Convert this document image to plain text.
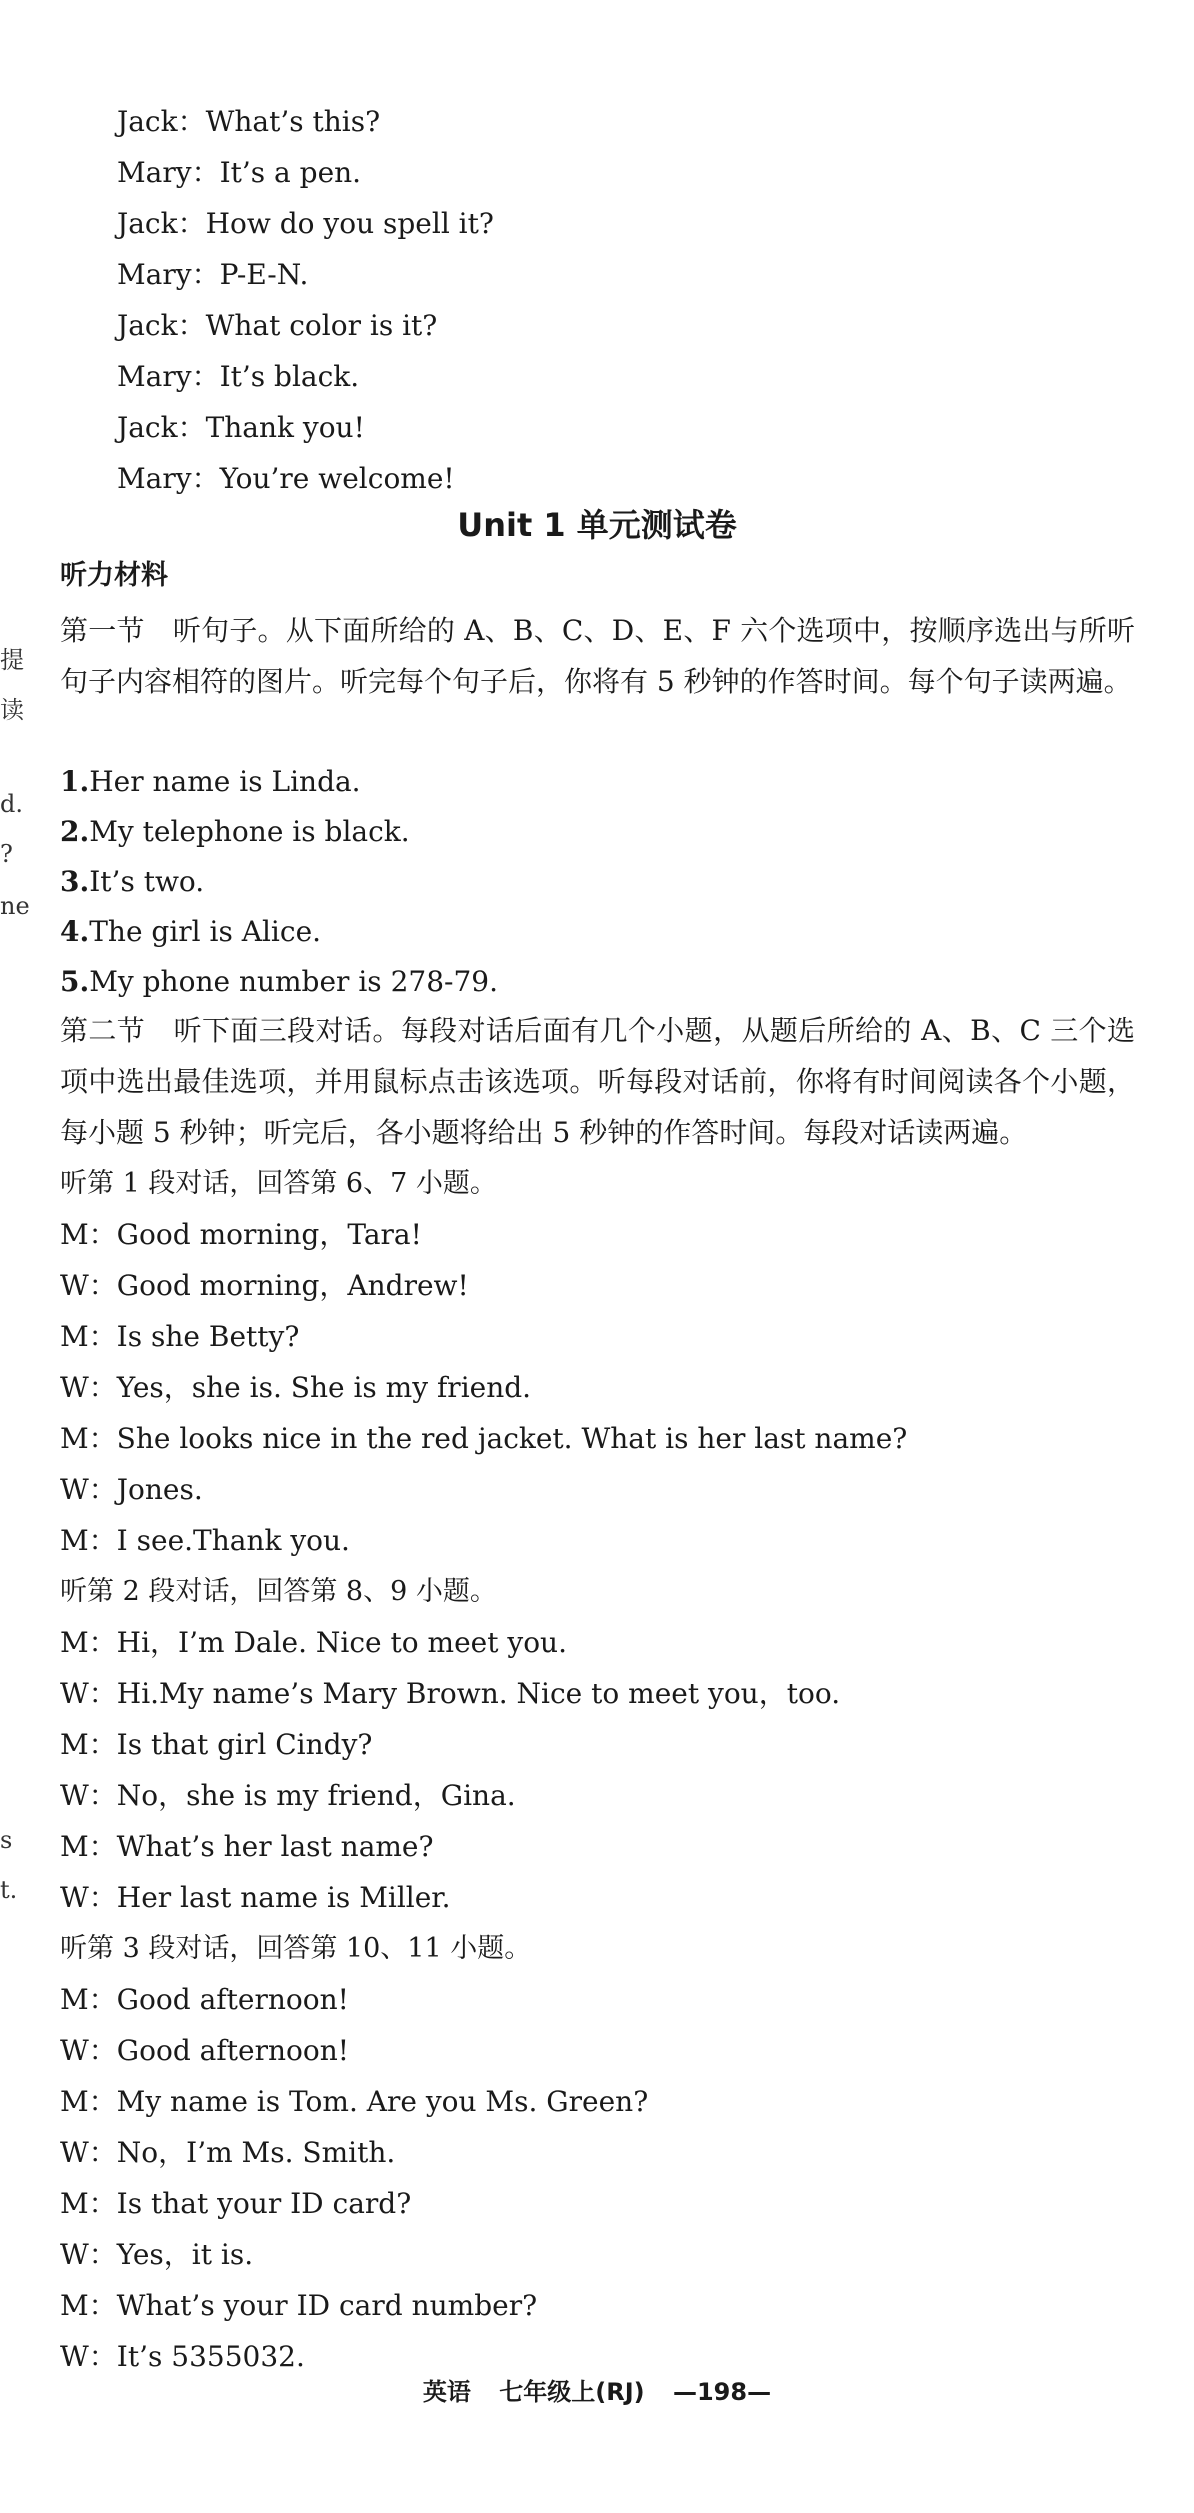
提
读
d.
?
ne
s
t.
Jack：What’s this?
Mary：It’s a pen.
Jack：How do you spell it?
Mary：P-E-N.
Jack：What color is it?
Mary：It’s black.
Jack：Thank you!
Mary：You’re welcome!
Unit 1 单元测试卷
听力材料
第一节　听句子。从下面所给的 A、B、C、D、E、F 六个选项中，按顺序选出与所听句子内容相符的图片。听完每个句子后，你将有 5 秒钟的作答时间。每个句子读两遍。
1.Her name is Linda.
2.My telephone is black.
3.It’s two.
4.The girl is Alice.
5.My phone number is 278-79.
第二节　听下面三段对话。每段对话后面有几个小题，从题后所给的 A、B、C 三个选项中选出最佳选项，并用鼠标点击该选项。听每段对话前，你将有时间阅读各个小题，每小题 5 秒钟；听完后，各小题将给出 5 秒钟的作答时间。每段对话读两遍。
听第 1 段对话，回答第 6、7 小题。
M：Good morning，Tara!
W：Good morning，Andrew!
M：Is she Betty?
W：Yes，she is. She is my friend.
M：She looks nice in the red jacket. What is her last name?
W：Jones.
M：I see.Thank you.
听第 2 段对话，回答第 8、9 小题。
M：Hi，I’m Dale. Nice to meet you.
W：Hi.My name’s Mary Brown. Nice to meet you，too.
M：Is that girl Cindy?
W：No，she is my friend，Gina.
M：What’s her last name?
W：Her last name is Miller.
听第 3 段对话，回答第 10、11 小题。
M：Good afternoon!
W：Good afternoon!
M：My name is Tom. Are you Ms. Green?
W：No，I’m Ms. Smith.
M：Is that your ID card?
W：Yes，it is.
M：What’s your ID card number?
W：It’s 5355032.
英语 七年级上(RJ) —198—
